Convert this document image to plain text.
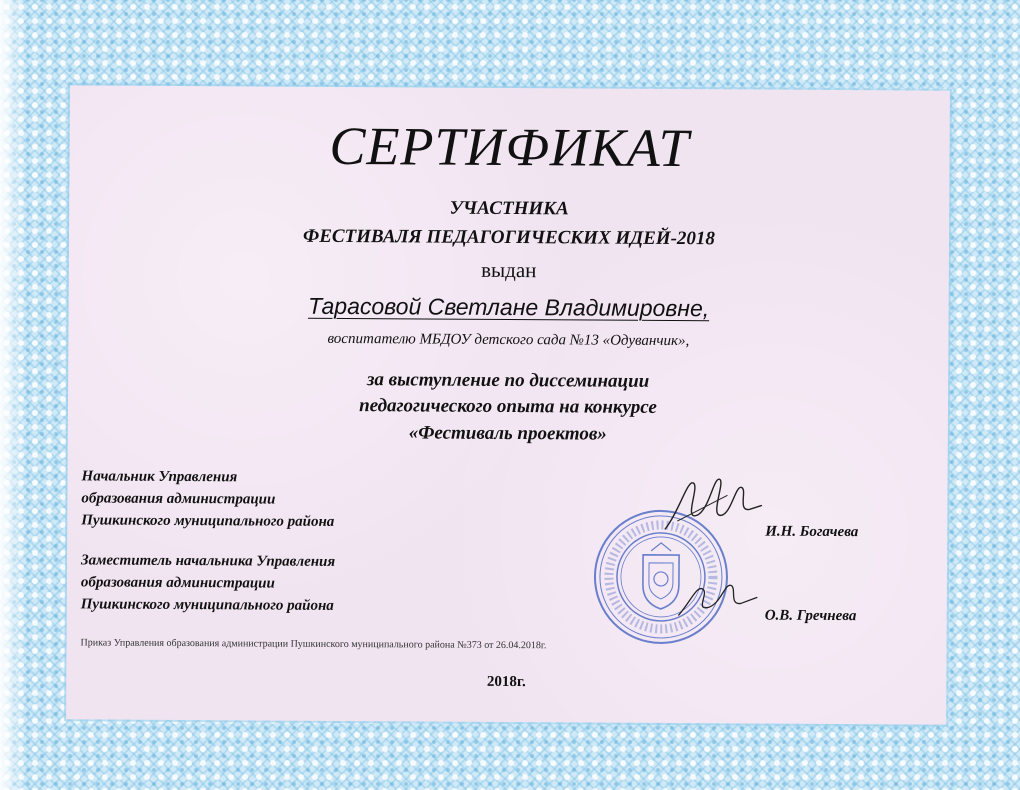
СЕРТИФИКАТ
УЧАСТНИКА
ФЕСТИВАЛЯ ПЕДАГОГИЧЕСКИХ ИДЕЙ-2018
выдан
Тарасовой Светлане Владимировне,
воспитателю МБДОУ детского сада №13 «Одуванчик»,
за выступление по диссеминации
педагогического опыта на конкурсе
«Фестиваль проектов»
Начальник Управления
образования администрации
Пушкинского муниципального района
Заместитель начальника Управления
образования администрации
Пушкинского муниципального района
И.Н. Богачева
О.В. Гречнева
Приказ Управления образования администрации Пушкинского муниципального района №373 от 26.04.2018г.
2018г.
